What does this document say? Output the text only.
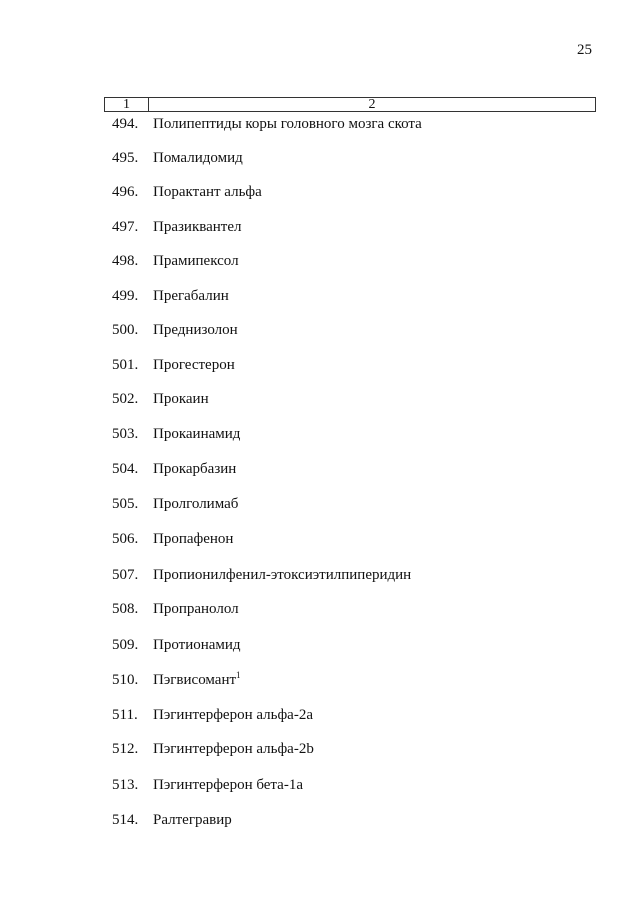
25
1	2
494. Полипептиды коры головного мозга скота
495. Помалидомид
496. Порактант альфа
497. Празиквантел
498. Прамипексол
499. Прегабалин
500. Преднизолон
501. Прогестерон
502. Прокаин
503. Прокаинамид
504. Прокарбазин
505. Пролголимаб
506. Пропафенон
507. Пропионилфенил-этоксиэтилпиперидин
508. Пропранолол
509. Протионамид
510. Пэгвисомант$^1$
511. Пэгинтерферон альфа-2а
512. Пэгинтерферон альфа-2b
513. Пэгинтерферон бета-1а
514. Ралтегравир
